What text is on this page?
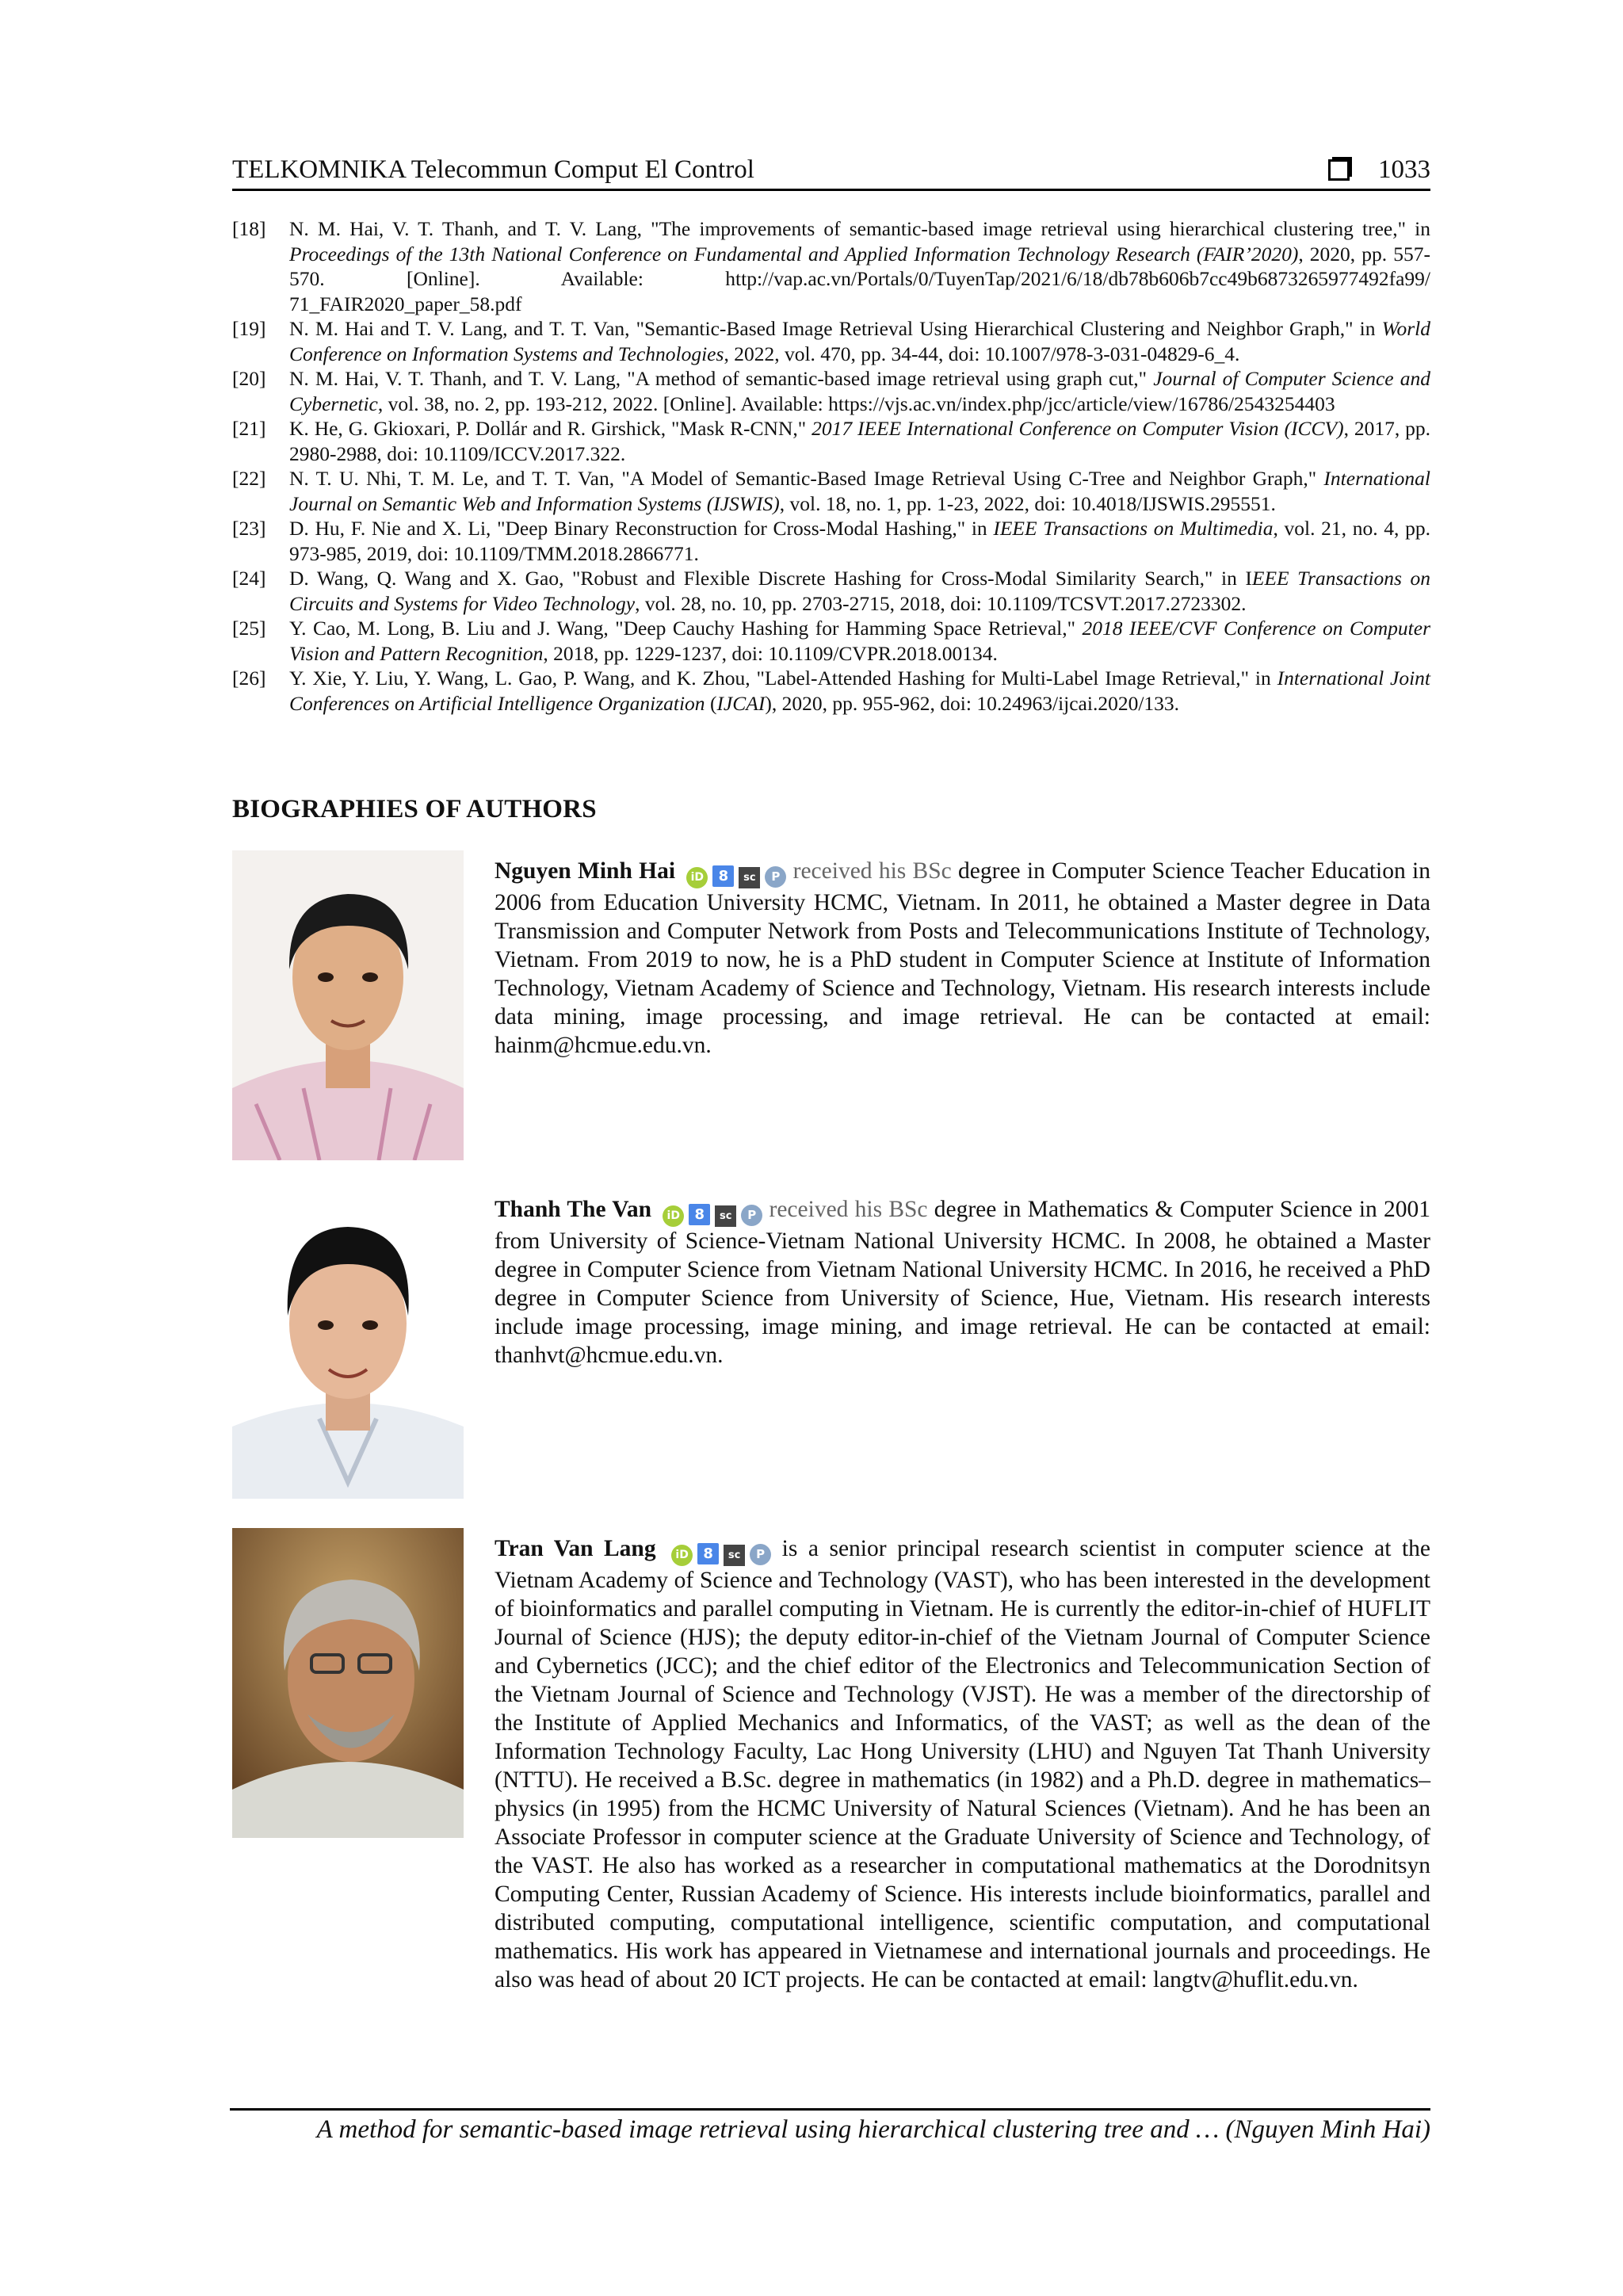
TELKOMNIKA Telecommun Comput El Control	1033
[18] N. M. Hai, V. T. Thanh, and T. V. Lang, "The improvements of semantic-based image retrieval using hierarchical clustering tree," in Proceedings of the 13th National Conference on Fundamental and Applied Information Technology Research (FAIR’2020), 2020, pp. 557-570. [Online]. Available: http://vap.ac.vn/Portals/0/TuyenTap/2021/6/18/db78b606b7cc49b6873265977492fa99/ 71_FAIR2020_paper_58.pdf
[19] N. M. Hai and T. V. Lang, and T. T. Van, "Semantic-Based Image Retrieval Using Hierarchical Clustering and Neighbor Graph," in World Conference on Information Systems and Technologies, 2022, vol. 470, pp. 34-44, doi: 10.1007/978-3-031-04829-6_4.
[20] N. M. Hai, V. T. Thanh, and T. V. Lang, "A method of semantic-based image retrieval using graph cut," Journal of Computer Science and Cybernetic, vol. 38, no. 2, pp. 193-212, 2022. [Online]. Available: https://vjs.ac.vn/index.php/jcc/article/view/16786/2543254403
[21] K. He, G. Gkioxari, P. Dollár and R. Girshick, "Mask R-CNN," 2017 IEEE International Conference on Computer Vision (ICCV), 2017, pp. 2980-2988, doi: 10.1109/ICCV.2017.322.
[22] N. T. U. Nhi, T. M. Le, and T. T. Van, "A Model of Semantic-Based Image Retrieval Using C-Tree and Neighbor Graph," International Journal on Semantic Web and Information Systems (IJSWIS), vol. 18, no. 1, pp. 1-23, 2022, doi: 10.4018/IJSWIS.295551.
[23] D. Hu, F. Nie and X. Li, "Deep Binary Reconstruction for Cross-Modal Hashing," in IEEE Transactions on Multimedia, vol. 21, no. 4, pp. 973-985, 2019, doi: 10.1109/TMM.2018.2866771.
[24] D. Wang, Q. Wang and X. Gao, "Robust and Flexible Discrete Hashing for Cross-Modal Similarity Search," in IEEE Transactions on Circuits and Systems for Video Technology, vol. 28, no. 10, pp. 2703-2715, 2018, doi: 10.1109/TCSVT.2017.2723302.
[25] Y. Cao, M. Long, B. Liu and J. Wang, "Deep Cauchy Hashing for Hamming Space Retrieval," 2018 IEEE/CVF Conference on Computer Vision and Pattern Recognition, 2018, pp. 1229-1237, doi: 10.1109/CVPR.2018.00134.
[26] Y. Xie, Y. Liu, Y. Wang, L. Gao, P. Wang, and K. Zhou, "Label-Attended Hashing for Multi-Label Image Retrieval," in International Joint Conferences on Artificial Intelligence Organization (IJCAI), 2020, pp. 955-962, doi: 10.24963/ijcai.2020/133.
BIOGRAPHIES OF AUTHORS
Nguyen Minh Hai iD 8 sc P received his BSc degree in Computer Science Teacher Education in 2006 from Education University HCMC, Vietnam. In 2011, he obtained a Master degree in Data Transmission and Computer Network from Posts and Telecommunications Institute of Technology, Vietnam. From 2019 to now, he is a PhD student in Computer Science at Institute of Information Technology, Vietnam Academy of Science and Technology, Vietnam. His research interests include data mining, image processing, and image retrieval. He can be contacted at email: hainm@hcmue.edu.vn.
Thanh The Van iD 8 sc P received his BSc degree in Mathematics & Computer Science in 2001 from University of Science-Vietnam National University HCMC. In 2008, he obtained a Master degree in Computer Science from Vietnam National University HCMC. In 2016, he received a PhD degree in Computer Science from University of Science, Hue, Vietnam. His research interests include image processing, image mining, and image retrieval. He can be contacted at email: thanhvt@hcmue.edu.vn.
Tran Van Lang iD 8 sc P is a senior principal research scientist in computer science at the Vietnam Academy of Science and Technology (VAST), who has been interested in the development of bioinformatics and parallel computing in Vietnam. He is currently the editor-in-chief of HUFLIT Journal of Science (HJS); the deputy editor-in-chief of the Vietnam Journal of Computer Science and Cybernetics (JCC); and the chief editor of the Electronics and Telecommunication Section of the Vietnam Journal of Science and Technology (VJST). He was a member of the directorship of the Institute of Applied Mechanics and Informatics, of the VAST; as well as the dean of the Information Technology Faculty, Lac Hong University (LHU) and Nguyen Tat Thanh University (NTTU). He received a B.Sc. degree in mathematics (in 1982) and a Ph.D. degree in mathematics–physics (in 1995) from the HCMC University of Natural Sciences (Vietnam). And he has been an Associate Professor in computer science at the Graduate University of Science and Technology, of the VAST. He also has worked as a researcher in computational mathematics at the Dorodnitsyn Computing Center, Russian Academy of Science. His interests include bioinformatics, parallel and distributed computing, computational intelligence, scientific computation, and computational mathematics. His work has appeared in Vietnamese and international journals and proceedings. He also was head of about 20 ICT projects. He can be contacted at email: langtv@huflit.edu.vn.
A method for semantic-based image retrieval using hierarchical clustering tree and … (Nguyen Minh Hai)
